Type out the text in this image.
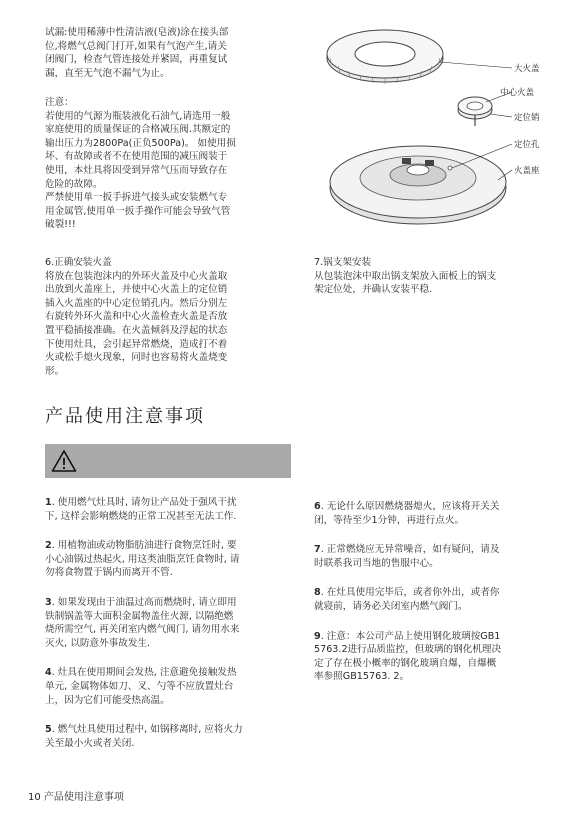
试漏:使用稀薄中性清洁液(皂液)涂在接头部
位,将燃气总阀门打开,如果有气泡产生,请关
闭阀门，检查气管连接处并紧固，再重复试
漏，直至无气泡不漏气为止。
注意：
若使用的气源为瓶装液化石油气,请选用一般
家庭使用的质量保证的合格减压阀.其额定的
输出压力为2800Pa(正负500Pa)。 如使用损
坏、有故障或者不在使用范围的减压阀装于
使用，本灶具将因受到异常气压而导致存在
危险的故障。
严禁使用单一扳手拆进气接头或安装燃气专
用金属管,使用单一扳手操作可能会导致气管
破裂!!!
大火盖
中心火盖
定位销
定位孔
火盖座
6.正确安装火盖
将放在包装泡沫内的外环火盖及中心火盖取
出放到火盖座上，并使中心火盖上的定位销
插入火盖座的中心定位销孔内。然后分别左
右旋转外环火盖和中心火盖检查火盖是否放
置平稳插接准确。在火盖倾斜及浮起的状态
下使用灶具，会引起异常燃烧，造成打不着
火或松手熄火现象，同时也容易将火盖烧变
形。
7.锅支架安装
从包装泡沫中取出锅支架放入面板上的锅支
架定位处，并确认安装平稳.
产品使用注意事项
1. 使用燃气灶具时, 请勿让产品处于强风干扰
下, 这样会影响燃烧的正常工况甚至无法工作.
2. 用植物油或动物脂肪油进行食物烹饪时, 要
小心油锅过热起火, 用这类油脂烹饪食物时, 请
勿将食物置于锅内而离开不管.
3. 如果发现由于油温过高而燃烧时, 请立即用
铁制锅盖等大面积金属物盖住火源, 以隔绝燃
烧所需空气, 再关闭室内燃气阀门, 请勿用水来
灭火, 以防意外事故发生.
4. 灶具在使用期间会发热, 注意避免接触发热
单元, 金属物体如刀、叉、勺等不应放置灶台
上，因为它们可能受热高温。
5. 燃气灶具使用过程中, 如锅移离时, 应将火力
关至最小火或者关闭.
6. 无论什么原因燃烧器熄火，应该将开关关
闭，等待至少1分钟，再进行点火。
7. 正常燃烧应无异常噪音，如有疑问，请及
时联系我司当地的售服中心。
8. 在灶具使用完毕后，或者你外出，或者你
就寝前，请务必关闭室内燃气阀门。
9. 注意：本公司产品上使用钢化玻璃按GB1
5763.2进行品质监控，但玻璃的钢化机理决
定了存在极小概率的钢化玻璃自爆，自爆概
率参照GB15763. 2。
10 产品使用注意事项
